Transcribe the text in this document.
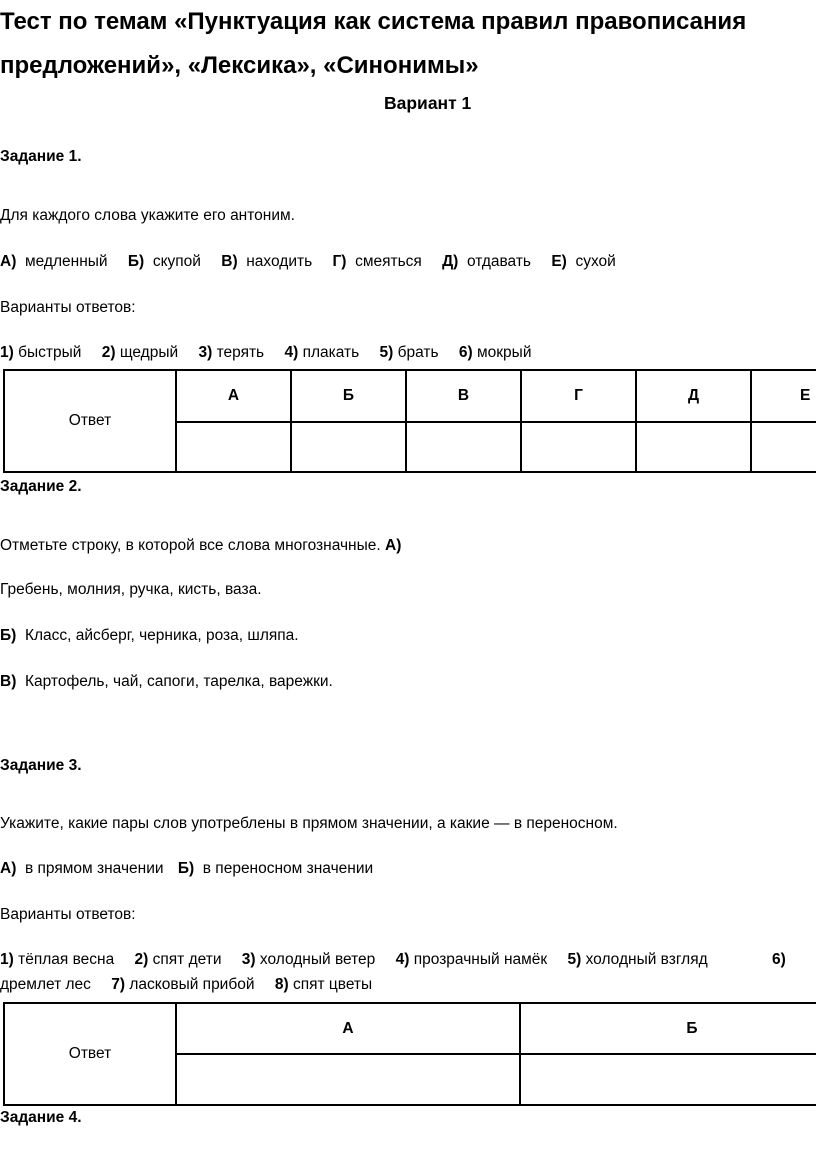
Тест по темам «Пунктуация как система правил правописания
предложений», «Лексика», «Синонимы»
Вариант 1
Задание 1.
Для каждого слова укажите его антоним.
А) медленный Б) скупой В) находить Г) смеяться Д) отдавать Е) сухой
Варианты ответов:
1) быстрый 2) щедрый 3) терять 4) плакать 5) брать 6) мокрый
Ответ	А	Б	В	Г	Д	Е

Задание 2.
Отметьте строку, в которой все слова многозначные. А)
Гребень, молния, ручка, кисть, ваза.
Б) Класс, айсберг, черника, роза, шляпа.
В) Картофель, чай, сапоги, тарелка, варежки.
Задание 3.
Укажите, какие пары слов употреблены в прямом значении, а какие — в переносном.
А) в прямом значении Б) в переносном значении
Варианты ответов:
1) тёплая весна 2) спят дети 3) холодный ветер 4) прозрачный намёк 5) холодный взгляд	6)
дремлет лес 7) ласковый прибой 8) спят цветы
Ответ	А	Б

Задание 4.
